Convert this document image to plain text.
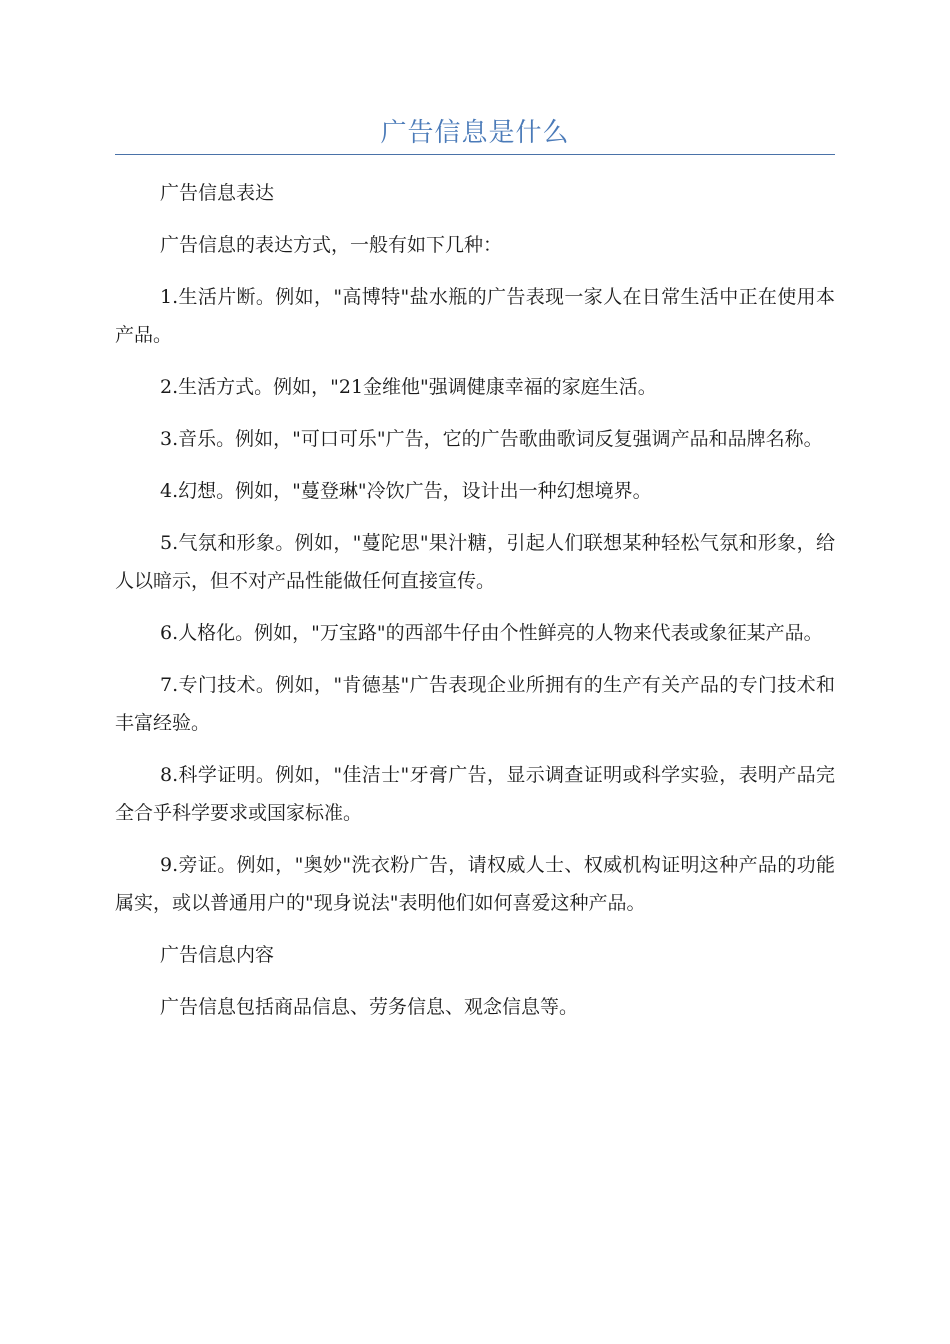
广告信息是什么

广告信息表达

广告信息的表达方式，一般有如下几种：

1.生活片断。例如，"高博特"盐水瓶的广告表现一家人在日常生活中正在使用本产品。

2.生活方式。例如，"21金维他"强调健康幸福的家庭生活。

3.音乐。例如，"可口可乐"广告，它的广告歌曲歌词反复强调产品和品牌名称。

4.幻想。例如，"蔓登琳"冷饮广告，设计出一种幻想境界。

5.气氛和形象。例如，"蔓陀思"果汁糖，引起人们联想某种轻松气氛和形象，给人以暗示，但不对产品性能做任何直接宣传。

6.人格化。例如，"万宝路"的西部牛仔由个性鲜亮的人物来代表或象征某产品。

7.专门技术。例如，"肯德基"广告表现企业所拥有的生产有关产品的专门技术和丰富经验。

8.科学证明。例如，"佳洁士"牙膏广告，显示调查证明或科学实验，表明产品完全合乎科学要求或国家标准。

9.旁证。例如，"奥妙"洗衣粉广告，请权威人士、权威机构证明这种产品的功能属实，或以普通用户的"现身说法"表明他们如何喜爱这种产品。

广告信息内容

广告信息包括商品信息、劳务信息、观念信息等。
